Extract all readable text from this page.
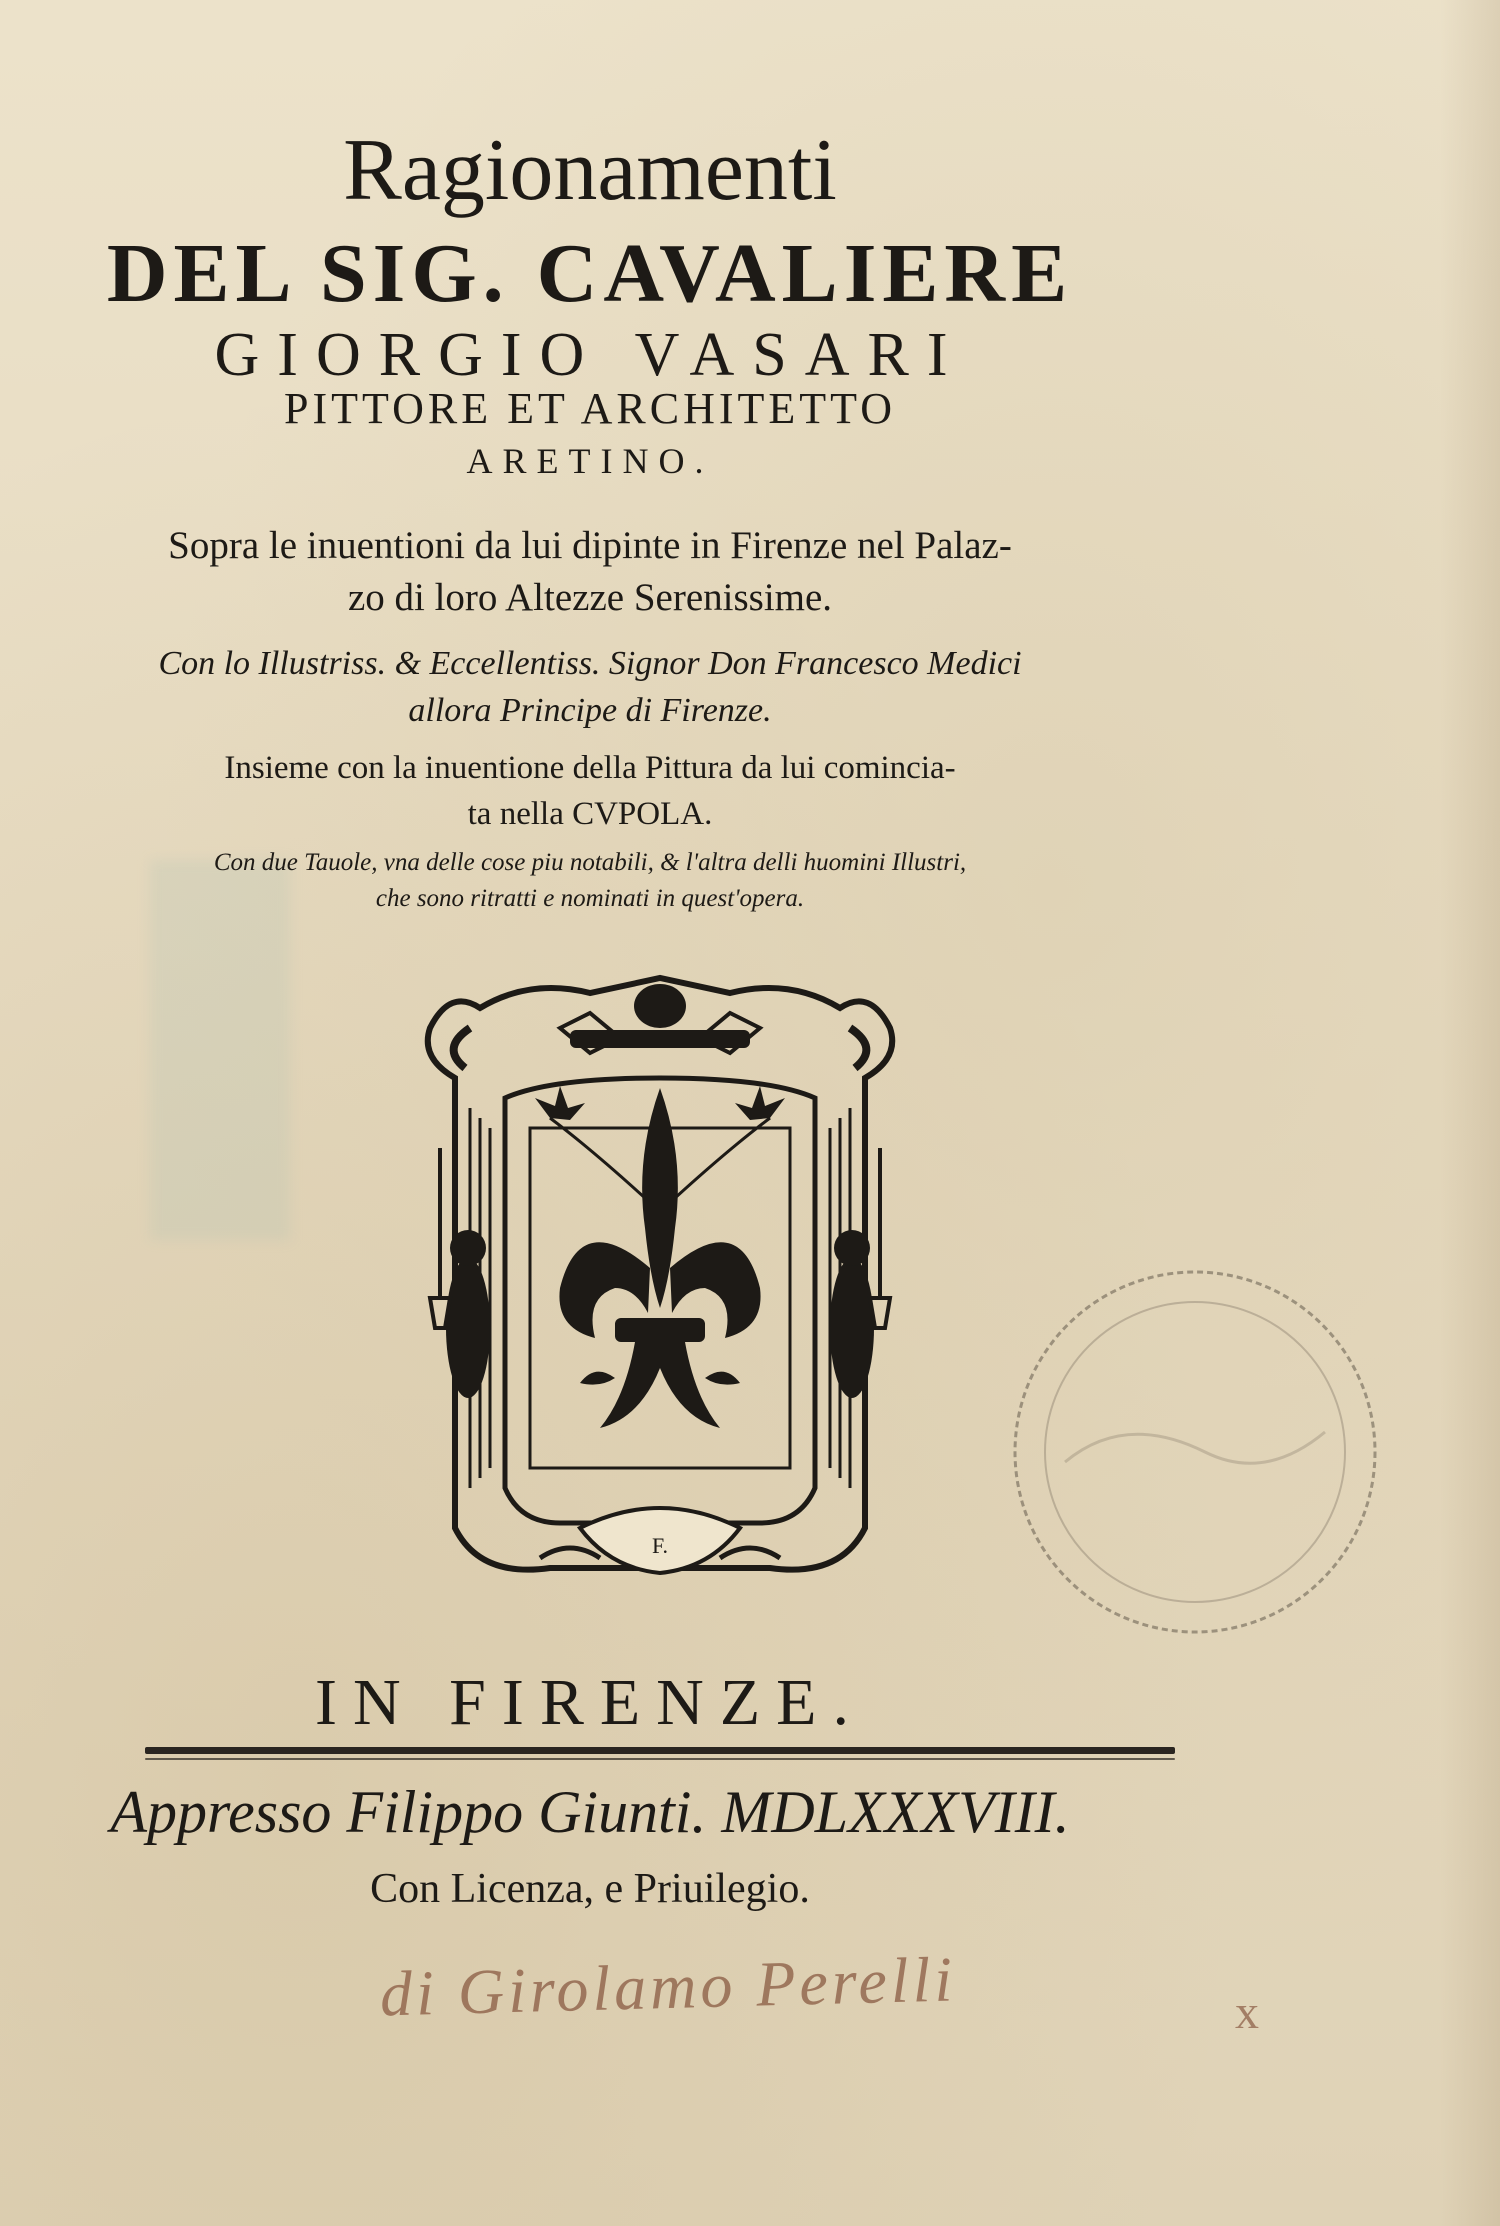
Ragionamenti
DEL SIG. CAVALIERE
GIORGIO VASARI
PITTORE ET ARCHITETTO
ARETINO.
Sopra le inuentioni da lui dipinte in Firenze nel Palaz-
zo di loro Altezze Serenissime.
Con lo Illustriss. & Eccellentiss. Signor Don Francesco Medici
allora Principe di Firenze.
Insieme con la inuentione della Pittura da lui comincia-
ta nella CVPOLA.
Con due Tauole, vna delle cose piu notabili, & l'altra delli huomini Illustri,
che sono ritratti e nominati in quest'opera.
F.
IN FIRENZE.
Appresso Filippo Giunti. MDLXXXVIII.
Con Licenza, e Priuilegio.
di Girolamo Perelli	x
